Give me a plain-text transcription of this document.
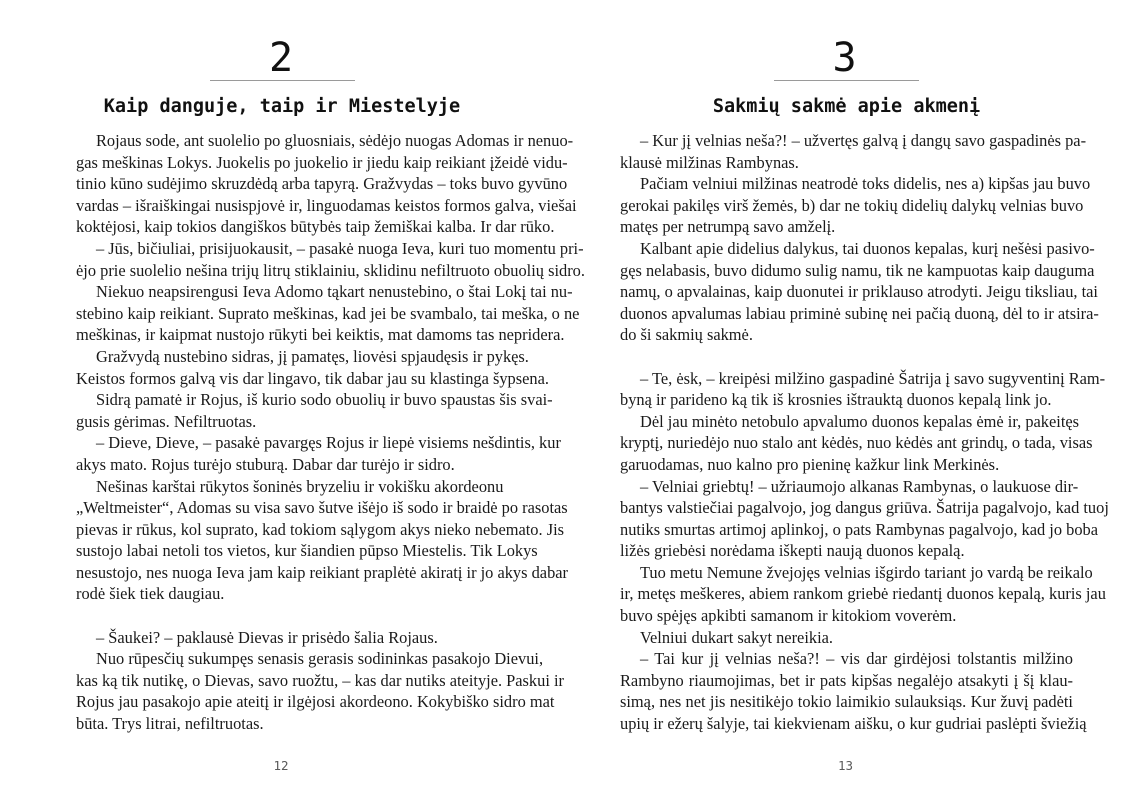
2
Kaip danguje, taip ir Miestelyje
Rojaus sode, ant suolelio po gluosniais, sėdėjo nuogas Adomas ir nenuo-
gas meškinas Lokys. Juokelis po juokelio ir jiedu kaip reikiant įžeidė vidu-
tinio kūno sudėjimo skruzdėdą arba tapyrą. Gražvydas – toks buvo gyvūno
vardas – išraiškingai nusispjovė ir, linguodamas keistos formos galva, viešai
koktėjosi, kaip tokios dangiškos būtybės taip žemiškai kalba. Ir dar rūko.
– Jūs, bičiuliai, prisijuokausit, – pasakė nuoga Ieva, kuri tuo momentu pri-
ėjo prie suolelio nešina trijų litrų stiklainiu, sklidinu nefiltruoto obuolių sidro.
Niekuo neapsirengusi Ieva Adomo tąkart nenustebino, o štai Lokį tai nu-
stebino kaip reikiant. Suprato meškinas, kad jei be svambalo, tai meška, o ne
meškinas, ir kaipmat nustojo rūkyti bei keiktis, mat damoms tas nepridera.
Gražvydą nustebino sidras, jį pamatęs, liovėsi spjaudęsis ir pykęs.
Keistos formos galvą vis dar lingavo, tik dabar jau su klastinga šypsena.
Sidrą pamatė ir Rojus, iš kurio sodo obuolių ir buvo spaustas šis svai-
gusis gėrimas. Nefiltruotas.
– Dieve, Dieve, – pasakė pavargęs Rojus ir liepė visiems nešdintis, kur
akys mato. Rojus turėjo stuburą. Dabar dar turėjo ir sidro.
Nešinas karštai rūkytos šoninės bryzeliu ir vokišku akordeonu
„Weltmeister“, Adomas su visa savo šutve išėjo iš sodo ir braidė po rasotas
pievas ir rūkus, kol suprato, kad tokiom sąlygom akys nieko nebemato. Jis
sustojo labai netoli tos vietos, kur šiandien pūpso Miestelis. Tik Lokys
nesustojo, nes nuoga Ieva jam kaip reikiant praplėtė akiratį ir jo akys dabar
rodė šiek tiek daugiau.
– Šaukei? – paklausė Dievas ir prisėdo šalia Rojaus.
Nuo rūpesčių sukumpęs senasis gerasis sodininkas pasakojo Dievui,
kas ką tik nutikę, o Dievas, savo ruožtu, – kas dar nutiks ateityje. Paskui ir
Rojus jau pasakojo apie ateitį ir ilgėjosi akordeono. Kokybiško sidro mat
būta. Trys litrai, nefiltruotas.
12
3
Sakmių sakmė apie akmenį
– Kur jį velnias neša?! – užvertęs galvą į dangų savo gaspadinės pa-
klausė milžinas Rambynas.
Pačiam velniui milžinas neatrodė toks didelis, nes a) kipšas jau buvo
gerokai pakilęs virš žemės, b) dar ne tokių didelių dalykų velnias buvo
matęs per netrumpą savo amželį.
Kalbant apie didelius dalykus, tai duonos kepalas, kurį nešėsi pasivo-
gęs nelabasis, buvo didumo sulig namu, tik ne kampuotas kaip dauguma
namų, o apvalainas, kaip duonutei ir priklauso atrodyti. Jeigu tiksliau, tai
duonos apvalumas labiau priminė subinę nei pačią duoną, dėl to ir atsira-
do ši sakmių sakmė.
– Te, ėsk, – kreipėsi milžino gaspadinė Šatrija į savo sugyventinį Ram-
byną ir parideno ką tik iš krosnies ištrauktą duonos kepalą link jo.
Dėl jau minėto netobulo apvalumo duonos kepalas ėmė ir, pakeitęs
kryptį, nuriedėjo nuo stalo ant kėdės, nuo kėdės ant grindų, o tada, visas
garuodamas, nuo kalno pro pieninę kažkur link Merkinės.
– Velniai griebtų! – užriaumojo alkanas Rambynas, o laukuose dir-
bantys valstiečiai pagalvojo, jog dangus griūva. Šatrija pagalvojo, kad tuoj
nutiks smurtas artimoj aplinkoj, o pats Rambynas pagalvojo, kad jo boba
ližės griebėsi norėdama iškepti naują duonos kepalą.
Tuo metu Nemune žvejojęs velnias išgirdo tariant jo vardą be reikalo
ir, metęs meškeres, abiem rankom griebė riedantį duonos kepalą, kuris jau
buvo spėjęs apkibti samanom ir kitokiom voverėm.
Velniui dukart sakyt nereikia.
– Tai kur jį velnias neša?! – vis dar girdėjosi tolstantis milžino
Rambyno riaumojimas, bet ir pats kipšas negalėjo atsakyti į šį klau-
simą, nes net jis nesitikėjo tokio laimikio sulauksiąs. Kur žuvį padėti
upių ir ežerų šalyje, tai kiekvienam aišku, o kur gudriai paslėpti šviežią
13
